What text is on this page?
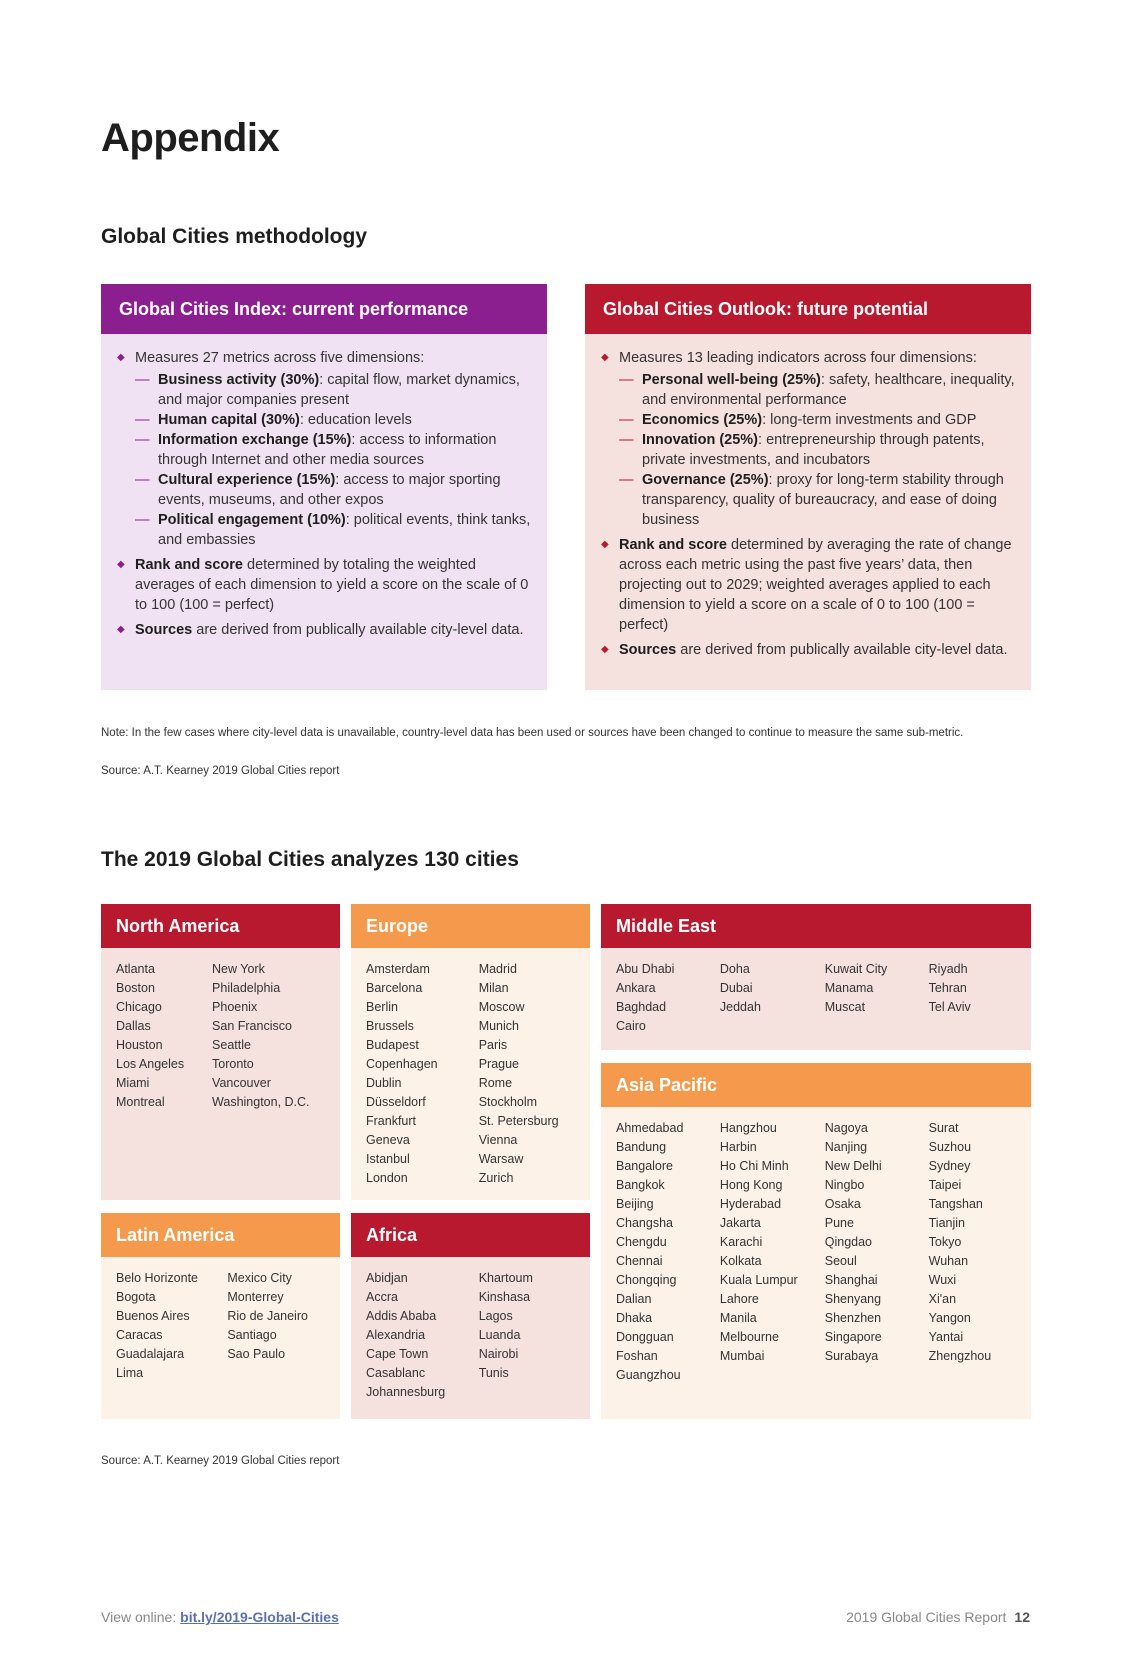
Appendix
Global Cities methodology
Global Cities Index: current performance
◆ Measures 27 metrics across five dimensions:
— Business activity (30%): capital flow, market dynamics, and major companies present
— Human capital (30%): education levels
— Information exchange (15%): access to information through Internet and other media sources
— Cultural experience (15%): access to major sporting events, museums, and other expos
— Political engagement (10%): political events, think tanks, and embassies
◆ Rank and score determined by totaling the weighted averages of each dimension to yield a score on the scale of 0 to 100 (100 = perfect)
◆ Sources are derived from publically available city-level data.
Global Cities Outlook: future potential
◆ Measures 13 leading indicators across four dimensions:
— Personal well-being (25%): safety, healthcare, inequality, and environmental performance
— Economics (25%): long-term investments and GDP
— Innovation (25%): entrepreneurship through patents, private investments, and incubators
— Governance (25%): proxy for long-term stability through transparency, quality of bureaucracy, and ease of doing business
◆ Rank and score determined by averaging the rate of change across each metric using the past five years’ data, then projecting out to 2029; weighted averages applied to each dimension to yield a score on a scale of 0 to 100 (100 = perfect)
◆ Sources are derived from publically available city-level data.
Note: In the few cases where city-level data is unavailable, country-level data has been used or sources have been changed to continue to measure the same sub-metric.
Source: A.T. Kearney 2019 Global Cities report
The 2019 Global Cities analyzes 130 cities
North America
Atlanta
Boston
Chicago
Dallas
Houston
Los Angeles
Miami
Montreal
New York
Philadelphia
Phoenix
San Francisco
Seattle
Toronto
Vancouver
Washington, D.C.
Europe
Amsterdam
Barcelona
Berlin
Brussels
Budapest
Copenhagen
Dublin
Düsseldorf
Frankfurt
Geneva
Istanbul
London
Madrid
Milan
Moscow
Munich
Paris
Prague
Rome
Stockholm
St. Petersburg
Vienna
Warsaw
Zurich
Middle East
Abu Dhabi
Ankara
Baghdad
Cairo
Doha
Dubai
Jeddah
Kuwait City
Manama
Muscat
Riyadh
Tehran
Tel Aviv
Asia Pacific
Ahmedabad
Bandung
Bangalore
Bangkok
Beijing
Changsha
Chengdu
Chennai
Chongqing
Dalian
Dhaka
Dongguan
Foshan
Guangzhou
Hangzhou
Harbin
Ho Chi Minh
Hong Kong
Hyderabad
Jakarta
Karachi
Kolkata
Kuala Lumpur
Lahore
Manila
Melbourne
Mumbai
Nagoya
Nanjing
New Delhi
Ningbo
Osaka
Pune
Qingdao
Seoul
Shanghai
Shenyang
Shenzhen
Singapore
Surabaya
Surat
Suzhou
Sydney
Taipei
Tangshan
Tianjin
Tokyo
Wuhan
Wuxi
Xi'an
Yangon
Yantai
Zhengzhou
Latin America
Belo Horizonte
Bogota
Buenos Aires
Caracas
Guadalajara
Lima
Mexico City
Monterrey
Rio de Janeiro
Santiago
Sao Paulo
Africa
Abidjan
Accra
Addis Ababa
Alexandria
Cape Town
Casablanc
Johannesburg
Khartoum
Kinshasa
Lagos
Luanda
Nairobi
Tunis
Source: A.T. Kearney 2019 Global Cities report
View online: bit.ly/2019-Global-Cities	2019 Global Cities Report 12
